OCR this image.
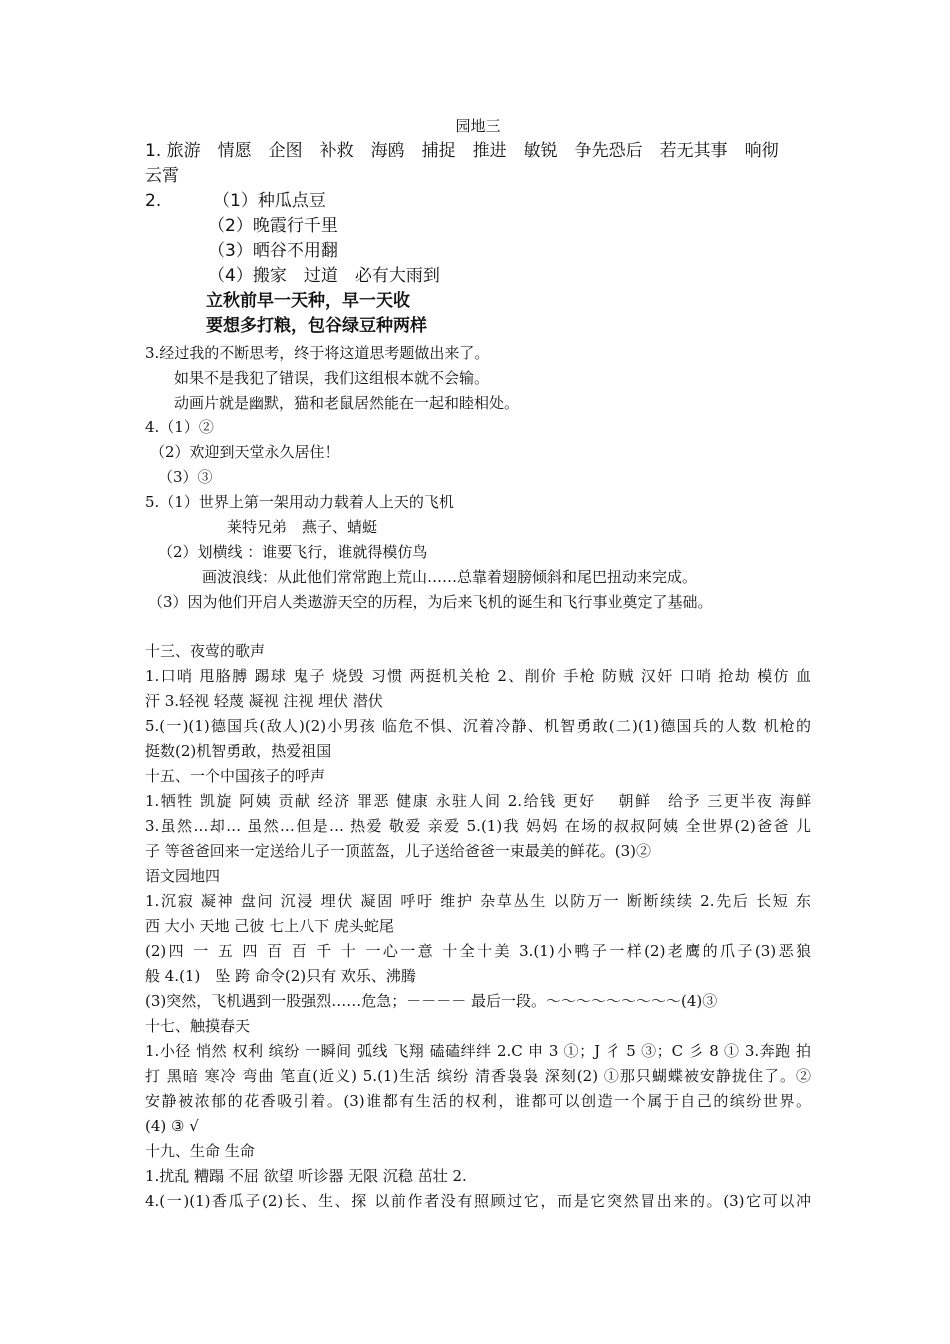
园地三
1. 旅游　情愿　企图　补救　海鸥　捕捉　推进　敏锐　争先恐后　若无其事　响彻
云霄
2.	（1）种瓜点豆
（2）晚霞行千里
（3）晒谷不用翻
（4）搬家　过道　必有大雨到
立秋前早一天种，早一天收
要想多打粮，包谷绿豆种两样
3.经过我的不断思考，终于将这道思考题做出来了。
如果不是我犯了错误，我们这组根本就不会输。
动画片就是幽默，猫和老鼠居然能在一起和睦相处。
4.（1）②
（2）欢迎到天堂永久居住！
（3）③
5.（1）世界上第一架用动力载着人上天的飞机
莱特兄弟　燕子、蜻蜓
（2）划横线 ：谁要飞行，谁就得模仿鸟
画波浪线：从此他们常常跑上荒山……总靠着翅膀倾斜和尾巴扭动来完成。
（3）因为他们开启人类遨游天空的历程，为后来飞机的诞生和飞行事业奠定了基础。
十三、夜莺的歌声
1.口哨 甩胳膊 踢球 鬼子 烧毁 习惯 两挺机关枪 2、削价 手枪 防贼 汉奸 口哨 抢劫 模仿 血
汗 3.轻视 轻蔑 凝视 注视 埋伏 潜伏
5.(一)(1)德国兵(敌人)(2)小男孩 临危不惧、沉着冷静、机智勇敢(二)(1)德国兵的人数 机枪的
挺数(2)机智勇敢，热爱祖国
十五、一个中国孩子的呼声
1.牺牲 凯旋 阿姨 贡献 经济 罪恶 健康 永驻人间 2.给钱 更好　 朝鲜　给予 三更半夜 海鲜
3.虽然…却… 虽然…但是… 热爱 敬爱 亲爱 5.(1)我 妈妈 在场的叔叔阿姨 全世界(2)爸爸 儿
子 等爸爸回来一定送给儿子一顶蓝盔，儿子送给爸爸一束最美的鲜花。(3)②
语文园地四
1.沉寂 凝神 盘问 沉浸 埋伏 凝固 呼吁 维护 杂草丛生 以防万一 断断续续 2.先后 长短 东
西 大小 天地 己彼 七上八下 虎头蛇尾
(2)四 一 五 四 百 百 千 十 一心一意 十全十美 3.(1)小鸭子一样(2)老鹰的爪子(3)恶狼
般 4.(1)　坠 跨 命令(2)只有 欢乐、沸腾
(3)突然，飞机遇到一股强烈……危急；－－－－ 最后一段。～～～～～～～～～(4)③
十七、触摸春天
1.小径 悄然 权利 缤纷 一瞬间 弧线 飞翔 磕磕绊绊 2.C 申 3 ①；J 彳 5 ③；C 彡 8 ① 3.奔跑 拍
打 黑暗 寒冷 弯曲 笔直(近义) 5.(1)生活 缤纷 清香袅袅 深刻(2) ①那只蝴蝶被安静拢住了。②
安静被浓郁的花香吸引着。(3)谁都有生活的权利，谁都可以创造一个属于自己的缤纷世界。
(4) ③ √
十九、生命 生命
1.扰乱 糟蹋 不屈 欲望 听诊器 无限 沉稳 茁壮 2.
4.(一)(1)香瓜子(2)长、生、探 以前作者没有照顾过它，而是它突然冒出来的。(3)它可以冲
